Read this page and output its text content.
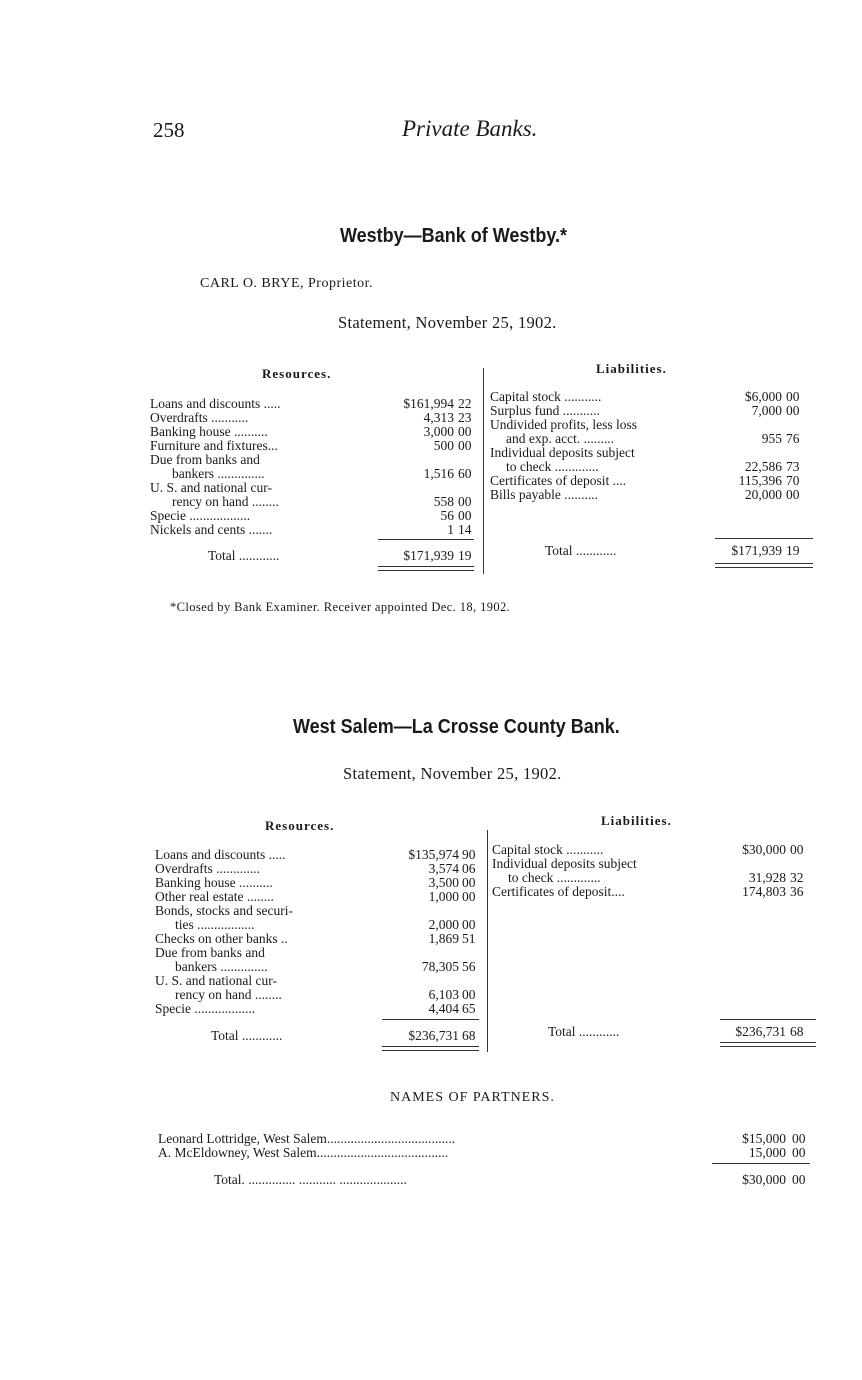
258	Private Banks.
Westby—Bank of Westby.*
CARL O. BRYE, Proprietor.
Statement, November 25, 1902.
Resources.	Liabilities.
Loans and discounts .....	$161,994 22
Overdrafts ...........	4,313 23
Banking house ..........	3,000 00
Furniture and fixtures...	500 00
Due from banks and
bankers ..............	1,516 60
U. S. and national cur-
rency on hand ........	558 00
Specie ..................	56 00
Nickels and cents .......	1 14
Total ............	$171,939 19
Capital stock ...........	$6,000 00
Surplus fund ...........	7,000 00
Undivided profits, less loss
and exp. acct. .........	955 76
Individual deposits subject
to check .............	22,586 73
Certificates of deposit ....	115,396 70
Bills payable ..........	20,000 00
Total ............	$171,939 19
*Closed by Bank Examiner. Receiver appointed Dec. 18, 1902.
West Salem—La Crosse County Bank.
Statement, November 25, 1902.
Resources.	Liabilities.
Loans and discounts .....	$135,974 90
Overdrafts .............	3,574 06
Banking house ..........	3,500 00
Other real estate ........	1,000 00
Bonds, stocks and securi-
ties .................	2,000 00
Checks on other banks ..	1,869 51
Due from banks and
bankers ..............	78,305 56
U. S. and national cur-
rency on hand ........	6,103 00
Specie ..................	4,404 65
Total ............	$236,731 68
Capital stock ...........	$30,000 00
Individual deposits subject
to check .............	31,928 32
Certificates of deposit....	174,803 36
Total ............	$236,731 68
NAMES OF PARTNERS.
Leonard Lottridge, West Salem......................................	$15,000 00
A. McEldowney, West Salem.......................................	15,000 00
Total. .............. ........... ....................	$30,000 00
